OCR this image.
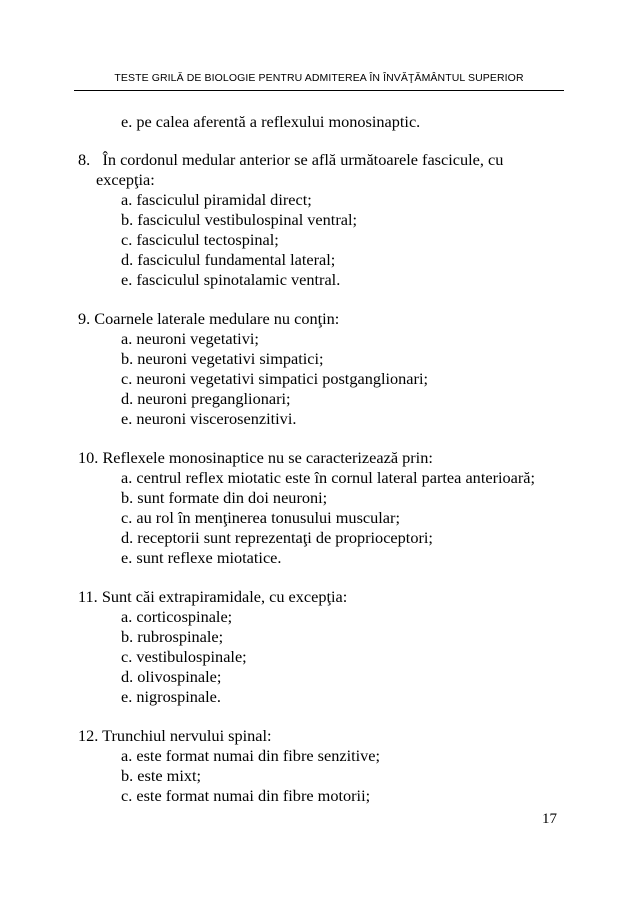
TESTE GRILĂ DE BIOLOGIE PENTRU ADMITEREA ÎN ÎNVĂŢĂMÂNTUL SUPERIOR
e. pe calea aferentă a reflexului monosinaptic.
8. În cordonul medular anterior se află următoarele fascicule, cu
excepţia:
a. fasciculul piramidal direct;
b. fasciculul vestibulospinal ventral;
c. fasciculul tectospinal;
d. fasciculul fundamental lateral;
e. fasciculul spinotalamic ventral.
9. Coarnele laterale medulare nu conţin:
a. neuroni vegetativi;
b. neuroni vegetativi simpatici;
c. neuroni vegetativi simpatici postganglionari;
d. neuroni preganglionari;
e. neuroni viscerosenzitivi.
10. Reflexele monosinaptice nu se caracterizează prin:
a. centrul reflex miotatic este în cornul lateral partea anterioară;
b. sunt formate din doi neuroni;
c. au rol în menţinerea tonusului muscular;
d. receptorii sunt reprezentaţi de proprioceptori;
e. sunt reflexe miotatice.
11. Sunt căi extrapiramidale, cu excepţia:
a. corticospinale;
b. rubrospinale;
c. vestibulospinale;
d. olivospinale;
e. nigrospinale.
12. Trunchiul nervului spinal:
a. este format numai din fibre senzitive;
b. este mixt;
c. este format numai din fibre motorii;
17
